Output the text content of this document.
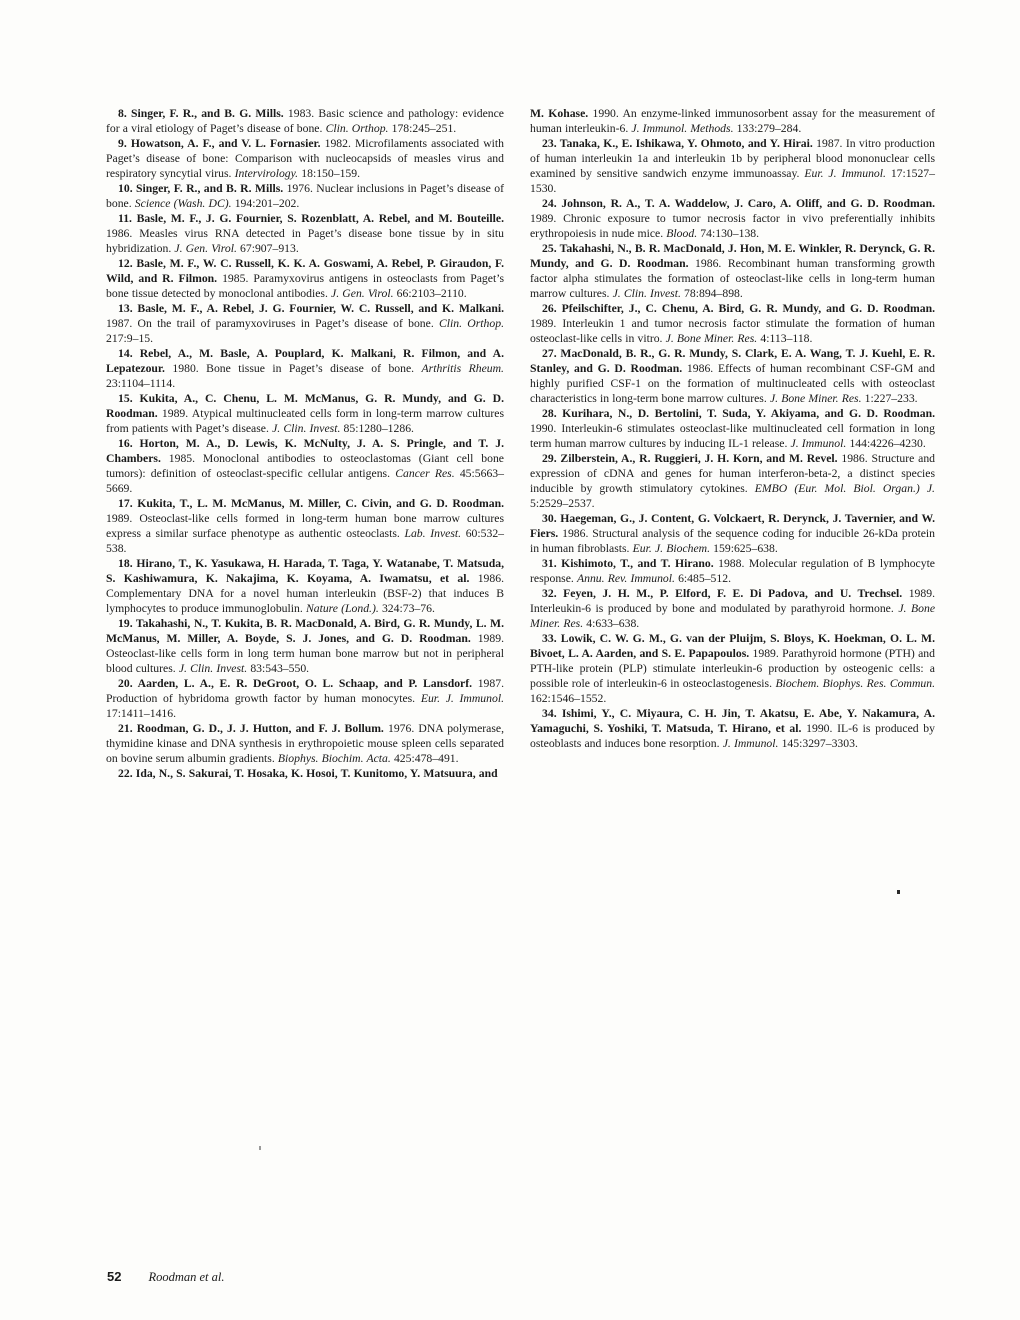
8. Singer, F. R., and B. G. Mills. 1983. Basic science and pathology: evidence for a viral etiology of Paget’s disease of bone. Clin. Orthop. 178:245–251.

9. Howatson, A. F., and V. L. Fornasier. 1982. Microfilaments associated with Paget’s disease of bone: Comparison with nucleocapsids of measles virus and respiratory syncytial virus. Intervirology. 18:150–159.

10. Singer, F. R., and B. R. Mills. 1976. Nuclear inclusions in Paget’s disease of bone. Science (Wash. DC). 194:201–202.

11. Basle, M. F., J. G. Fournier, S. Rozenblatt, A. Rebel, and M. Bouteille. 1986. Measles virus RNA detected in Paget’s disease bone tissue by in situ hybridization. J. Gen. Virol. 67:907–913.

12. Basle, M. F., W. C. Russell, K. K. A. Goswami, A. Rebel, P. Giraudon, F. Wild, and R. Filmon. 1985. Paramyxovirus antigens in osteoclasts from Paget’s bone tissue detected by monoclonal antibodies. J. Gen. Virol. 66:2103–2110.

13. Basle, M. F., A. Rebel, J. G. Fournier, W. C. Russell, and K. Malkani. 1987. On the trail of paramyxoviruses in Paget’s disease of bone. Clin. Orthop. 217:9–15.

14. Rebel, A., M. Basle, A. Pouplard, K. Malkani, R. Filmon, and A. Lepatezour. 1980. Bone tissue in Paget’s disease of bone. Arthritis Rheum. 23:1104–1114.

15. Kukita, A., C. Chenu, L. M. McManus, G. R. Mundy, and G. D. Roodman. 1989. Atypical multinucleated cells form in long-term marrow cultures from patients with Paget’s disease. J. Clin. Invest. 85:1280–1286.

16. Horton, M. A., D. Lewis, K. McNulty, J. A. S. Pringle, and T. J. Chambers. 1985. Monoclonal antibodies to osteoclastomas (Giant cell bone tumors): definition of osteoclast-specific cellular antigens. Cancer Res. 45:5663–5669.

17. Kukita, T., L. M. McManus, M. Miller, C. Civin, and G. D. Roodman. 1989. Osteoclast-like cells formed in long-term human bone marrow cultures express a similar surface phenotype as authentic osteoclasts. Lab. Invest. 60:532–538.

18. Hirano, T., K. Yasukawa, H. Harada, T. Taga, Y. Watanabe, T. Matsuda, S. Kashiwamura, K. Nakajima, K. Koyama, A. Iwamatsu, et al. 1986. Complementary DNA for a novel human interleukin (BSF-2) that induces B lymphocytes to produce immunoglobulin. Nature (Lond.). 324:73–76.

19. Takahashi, N., T. Kukita, B. R. MacDonald, A. Bird, G. R. Mundy, L. M. McManus, M. Miller, A. Boyde, S. J. Jones, and G. D. Roodman. 1989. Osteoclast-like cells form in long term human bone marrow but not in peripheral blood cultures. J. Clin. Invest. 83:543–550.

20. Aarden, L. A., E. R. DeGroot, O. L. Schaap, and P. Lansdorf. 1987. Production of hybridoma growth factor by human monocytes. Eur. J. Immunol. 17:1411–1416.

21. Roodman, G. D., J. J. Hutton, and F. J. Bollum. 1976. DNA polymerase, thymidine kinase and DNA synthesis in erythropoietic mouse spleen cells separated on bovine serum albumin gradients. Biophys. Biochim. Acta. 425:478–491.

22. Ida, N., S. Sakurai, T. Hosaka, K. Hosoi, T. Kunitomo, Y. Matsuura, and

M. Kohase. 1990. An enzyme-linked immunosorbent assay for the measurement of human interleukin-6. J. Immunol. Methods. 133:279–284.

23. Tanaka, K., E. Ishikawa, Y. Ohmoto, and Y. Hirai. 1987. In vitro production of human interleukin 1a and interleukin 1b by peripheral blood mononuclear cells examined by sensitive sandwich enzyme immunoassay. Eur. J. Immunol. 17:1527–1530.

24. Johnson, R. A., T. A. Waddelow, J. Caro, A. Oliff, and G. D. Roodman. 1989. Chronic exposure to tumor necrosis factor in vivo preferentially inhibits erythropoiesis in nude mice. Blood. 74:130–138.

25. Takahashi, N., B. R. MacDonald, J. Hon, M. E. Winkler, R. Derynck, G. R. Mundy, and G. D. Roodman. 1986. Recombinant human transforming growth factor alpha stimulates the formation of osteoclast-like cells in long-term human marrow cultures. J. Clin. Invest. 78:894–898.

26. Pfeilschifter, J., C. Chenu, A. Bird, G. R. Mundy, and G. D. Roodman. 1989. Interleukin 1 and tumor necrosis factor stimulate the formation of human osteoclast-like cells in vitro. J. Bone Miner. Res. 4:113–118.

27. MacDonald, B. R., G. R. Mundy, S. Clark, E. A. Wang, T. J. Kuehl, E. R. Stanley, and G. D. Roodman. 1986. Effects of human recombinant CSF-GM and highly purified CSF-1 on the formation of multinucleated cells with osteoclast characteristics in long-term bone marrow cultures. J. Bone Miner. Res. 1:227–233.

28. Kurihara, N., D. Bertolini, T. Suda, Y. Akiyama, and G. D. Roodman. 1990. Interleukin-6 stimulates osteoclast-like multinucleated cell formation in long term human marrow cultures by inducing IL-1 release. J. Immunol. 144:4226–4230.

29. Zilberstein, A., R. Ruggieri, J. H. Korn, and M. Revel. 1986. Structure and expression of cDNA and genes for human interferon-beta-2, a distinct species inducible by growth stimulatory cytokines. EMBO (Eur. Mol. Biol. Organ.) J. 5:2529–2537.

30. Haegeman, G., J. Content, G. Volckaert, R. Derynck, J. Tavernier, and W. Fiers. 1986. Structural analysis of the sequence coding for inducible 26-kDa protein in human fibroblasts. Eur. J. Biochem. 159:625–638.

31. Kishimoto, T., and T. Hirano. 1988. Molecular regulation of B lymphocyte response. Annu. Rev. Immunol. 6:485–512.

32. Feyen, J. H. M., P. Elford, F. E. Di Padova, and U. Trechsel. 1989. Interleukin-6 is produced by bone and modulated by parathyroid hormone. J. Bone Miner. Res. 4:633–638.

33. Lowik, C. W. G. M., G. van der Pluijm, S. Bloys, K. Hoekman, O. L. M. Bivoet, L. A. Aarden, and S. E. Papapoulos. 1989. Parathyroid hormone (PTH) and PTH-like protein (PLP) stimulate interleukin-6 production by osteogenic cells: a possible role of interleukin-6 in osteoclastogenesis. Biochem. Biophys. Res. Commun. 162:1546–1552.

34. Ishimi, Y., C. Miyaura, C. H. Jin, T. Akatsu, E. Abe, Y. Nakamura, A. Yamaguchi, S. Yoshiki, T. Matsuda, T. Hirano, et al. 1990. IL-6 is produced by osteoblasts and induces bone resorption. J. Immunol. 145:3297–3303.

52 Roodman et al.
